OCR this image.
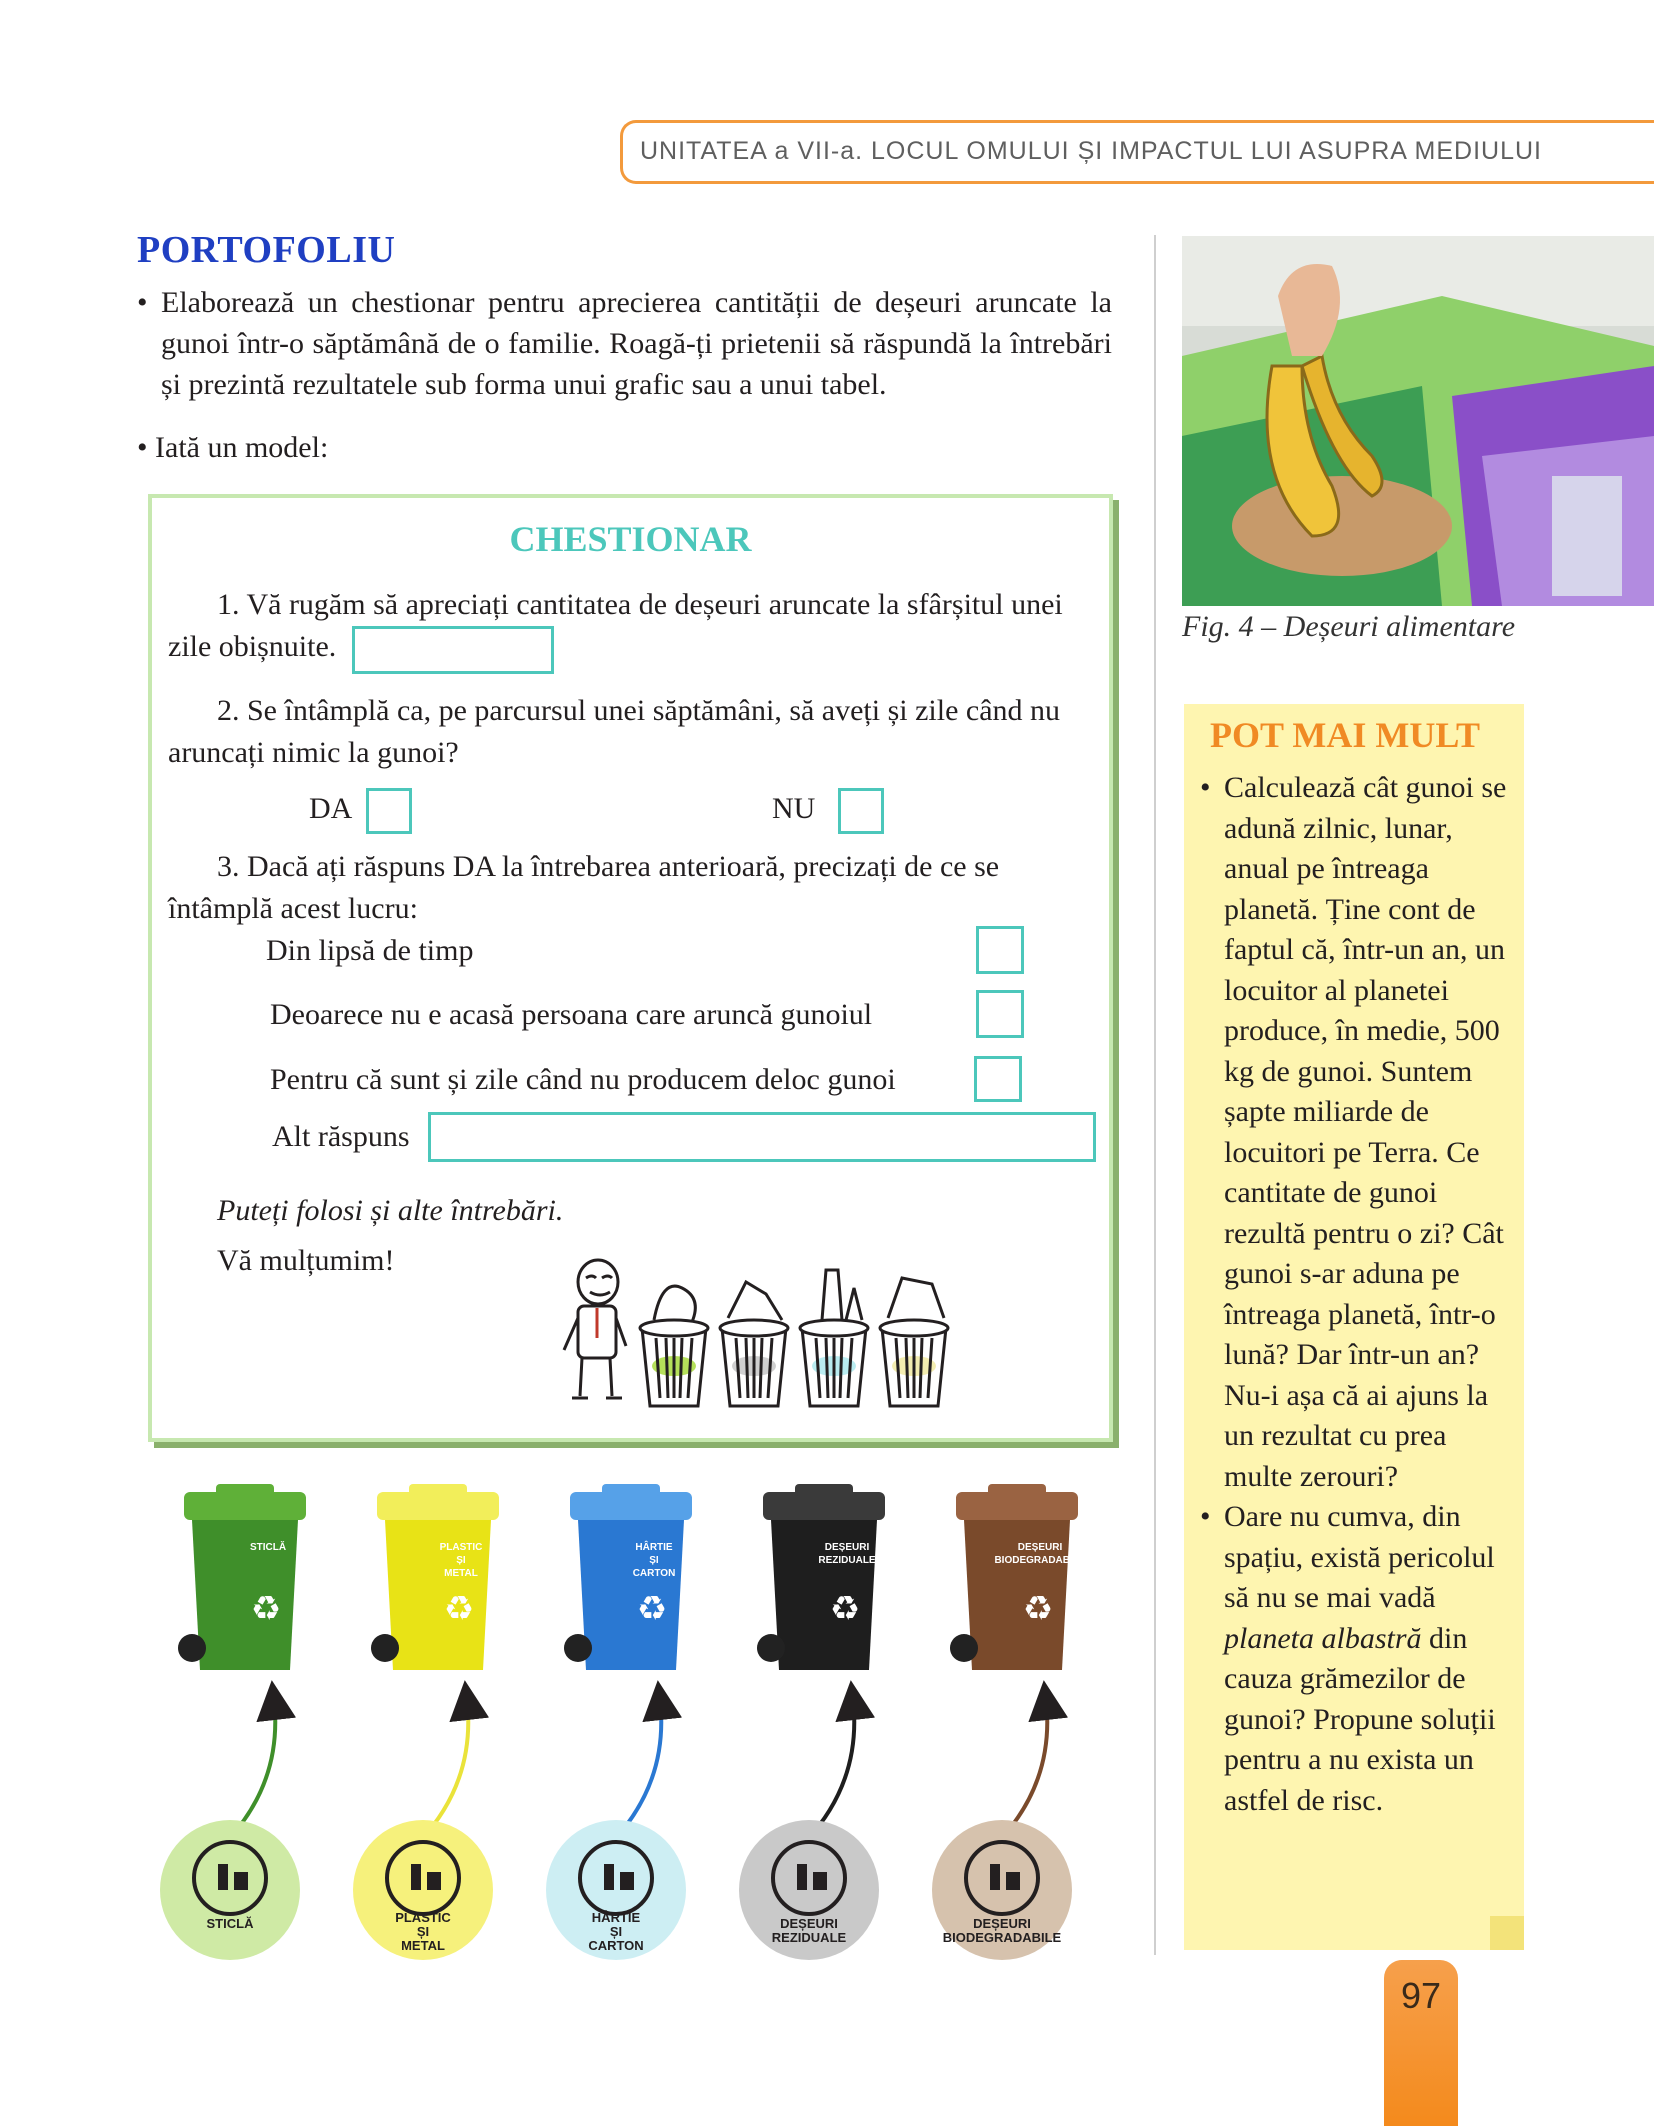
UNITATEA a VII-a. LOCUL OMULUI ȘI IMPACTUL LUI ASUPRA MEDIULUI
PORTOFOLIU
• Elaborează un chestionar pentru aprecierea cantității de deșeuri aruncate la gunoi într-o săptămână de o familie. Roagă-ți prietenii să răspundă la întrebări și prezintă rezultatele sub forma unui grafic sau a unui tabel.
• Iată un model:
CHESTIONAR
1. Vă rugăm să apreciați cantitatea de deșeuri aruncate la sfârșitul unei
zile obișnuite.
2. Se întâmplă ca, pe parcursul unei săptămâni, să aveți și zile când nu
aruncați nimic la gunoi?
DA	NU
3. Dacă ați răspuns DA la întrebarea anterioară, precizați de ce se
întâmplă acest lucru:
Din lipsă de timp
Deoarece nu e acasă persoana care aruncă gunoiul
Pentru că sunt și zile când nu producem deloc gunoi
Alt răspuns
Puteți folosi și alte întrebări.
Vă mulțumim!
♻
STICLĂ
STICLĂ
♻
PLASTIC
ȘI
METAL
PLASTIC
ȘI
METAL
♻
HÂRTIE
ȘI
CARTON
HÂRTIE
ȘI
CARTON
♻
DEȘEURI
REZIDUALE
DEȘEURI
REZIDUALE
♻
DEȘEURI
BIODEGRADABILE
DEȘEURI
BIODEGRADABILE
Fig. 4 – Deșeuri alimentare
POT MAI MULT
• Calculează cât gunoi se adună zilnic, lunar, anual pe întreaga planetă. Ține cont de faptul că, într-un an, un locuitor al planetei produce, în medie, 500 kg de gunoi. Suntem șapte miliarde de locuitori pe Terra. Ce cantitate de gunoi rezultă pentru o zi? Cât gunoi s-ar aduna pe întreaga planetă, într-o lună? Dar într-un an? Nu-i așa că ai ajuns la un rezultat cu prea multe zerouri?
• Oare nu cumva, din spațiu, există pericolul să nu se mai vadă planeta albastră din cauza grămezilor de gunoi? Propune soluții pentru a nu exista un astfel de risc.
97
